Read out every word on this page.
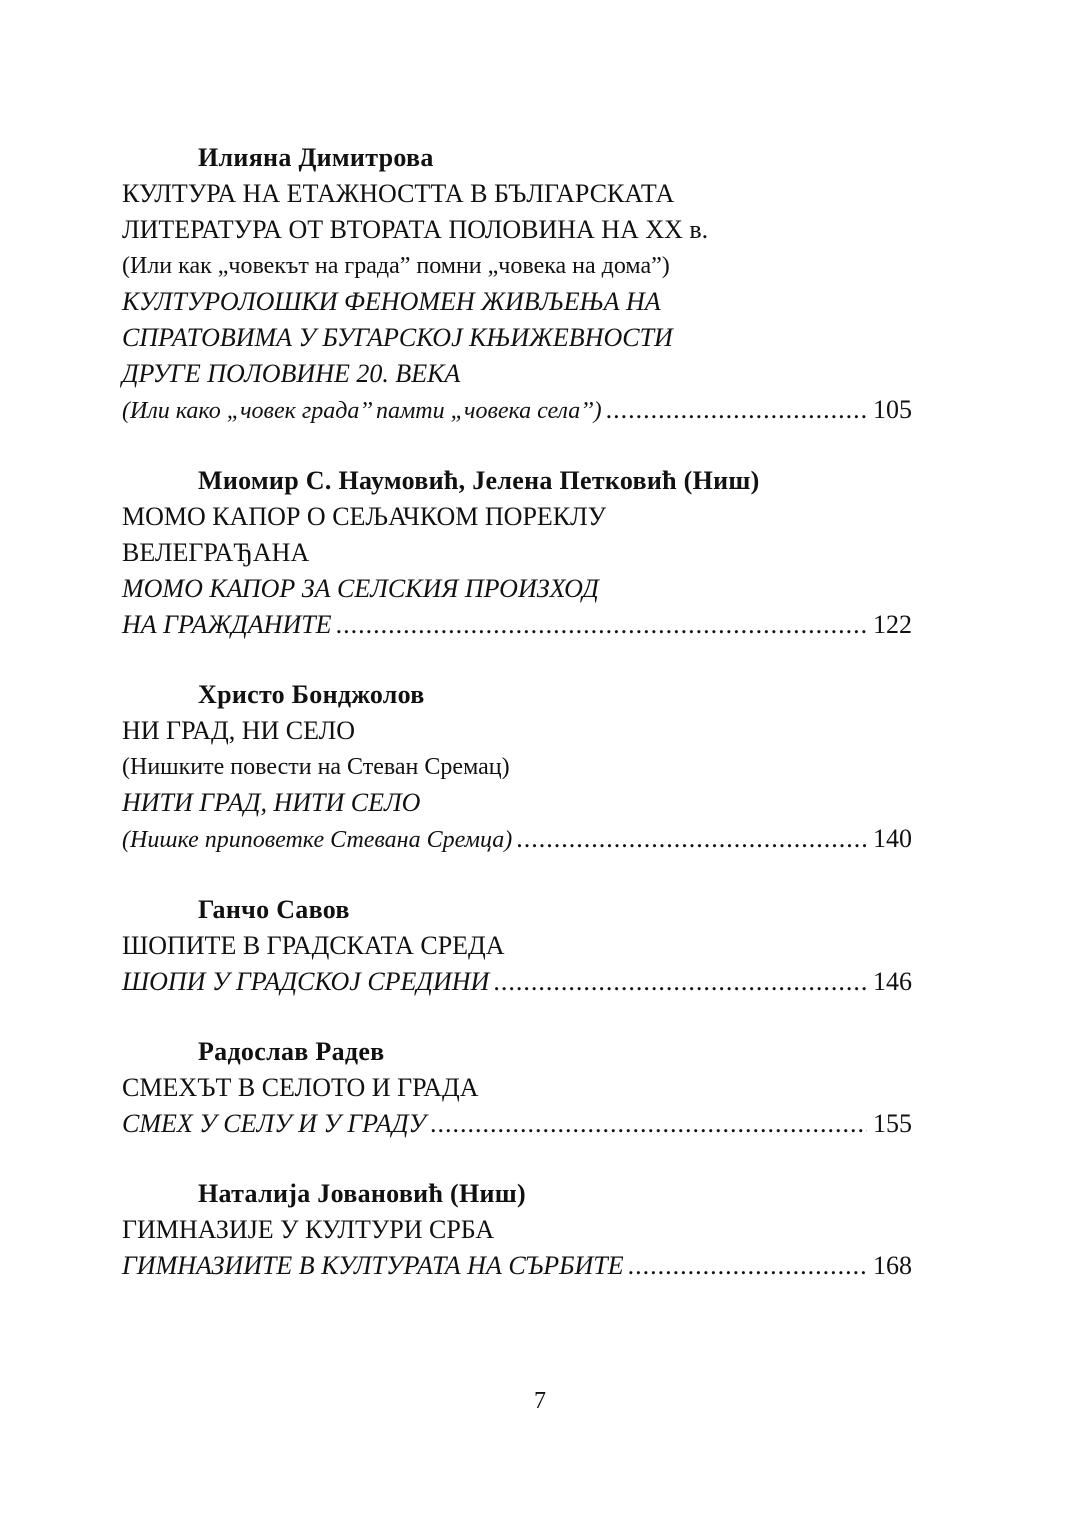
Илияна Димитрова
КУЛТУРА НА ЕТАЖНОСТТА В БЪЛГАРСКАТА
ЛИТЕРАТУРА ОТ ВТОРАТА ПОЛОВИНА НА ХХ в.
(Или как „човекът на града” помни „човека на дома”)
КУЛТУРОЛОШКИ ФЕНОМЕН ЖИВЉЕЊА НА
СПРАТОВИМА У БУГАРСКОЈ КЊИЖЕВНОСТИ
ДРУГЕ ПОЛОВИНЕ 20. ВЕКА
(Или како „човек града’’ памти „човека села’’) .....	105
Миомир С. Наумовић, Јелена Петковић (Ниш)
МОМО КАПОР О СЕЉАЧКОМ ПОРЕКЛУ
ВЕЛЕГРАЂАНА
МОМО КАПОР ЗА СЕЛСКИЯ ПРОИЗХОД
НА ГРАЖДАНИТЕ .....	122
Христо Бонджолов
НИ ГРАД, НИ СЕЛО
(Нишките повести на Стеван Сремац)
НИТИ ГРАД, НИТИ СЕЛО
(Нишке приповетке Стевана Сремца) .....	140
Ганчо Савов
ШОПИТЕ В ГРАДСКАТА СРЕДА
ШОПИ У ГРАДСКОЈ СРЕДИНИ .....	146
Радослав Радев
СМЕХЪТ В СЕЛОТО И ГРАДА
СМЕХ У СЕЛУ И У ГРАДУ .....	155
Наталија Јовановић (Ниш)
ГИМНАЗИЈЕ У КУЛТУРИ СРБА
ГИМНАЗИИТЕ В КУЛТУРАТА НА СЪРБИТЕ .....	168
7
